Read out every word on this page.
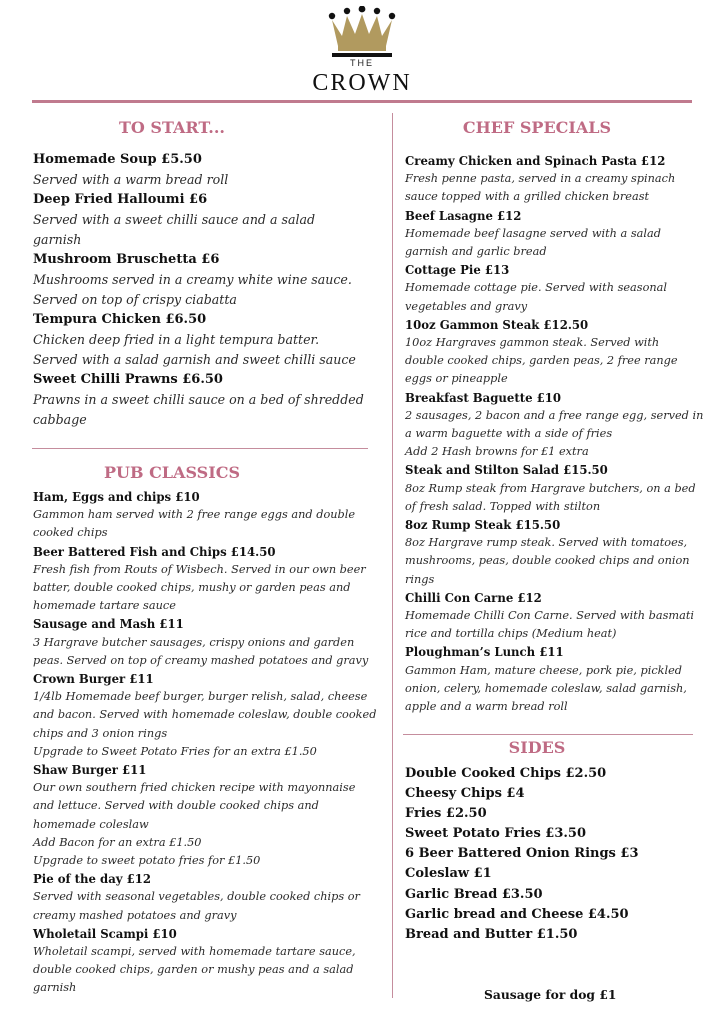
THE
CROWN
TO START...
Homemade Soup £5.50
Served with a warm bread roll
Deep Fried Halloumi £6
Served with a sweet chilli sauce and a salad
garnish
Mushroom Bruschetta £6
Mushrooms served in a creamy white wine sauce.
Served on top of crispy ciabatta
Tempura Chicken £6.50
Chicken deep fried in a light tempura batter.
Served with a salad garnish and sweet chilli sauce
Sweet Chilli Prawns £6.50
Prawns in a sweet chilli sauce on a bed of shredded
cabbage
PUB CLASSICS
Ham, Eggs and chips £10
Gammon ham served with 2 free range eggs and double
cooked chips
Beer Battered Fish and Chips £14.50
Fresh fish from Routs of Wisbech. Served in our own beer
batter, double cooked chips, mushy or garden peas and
homemade tartare sauce
Sausage and Mash £11
3 Hargrave butcher sausages, crispy onions and garden
peas. Served on top of creamy mashed potatoes and gravy
Crown Burger £11
1/4lb Homemade beef burger, burger relish, salad, cheese
and bacon. Served with homemade coleslaw, double cooked
chips and 3 onion rings
Upgrade to Sweet Potato Fries for an extra £1.50
Shaw Burger £11
Our own southern fried chicken recipe with mayonnaise
and lettuce. Served with double cooked chips and
homemade coleslaw
Add Bacon for an extra £1.50
Upgrade to sweet potato fries for £1.50
Pie of the day £12
Served with seasonal vegetables, double cooked chips or
creamy mashed potatoes and gravy
Wholetail Scampi £10
Wholetail scampi, served with homemade tartare sauce,
double cooked chips, garden or mushy peas and a salad
garnish
CHEF SPECIALS
Creamy Chicken and Spinach Pasta £12
Fresh penne pasta, served in a creamy spinach
sauce topped with a grilled chicken breast
Beef Lasagne £12
Homemade beef lasagne served with a salad
garnish and garlic bread
Cottage Pie £13
Homemade cottage pie. Served with seasonal
vegetables and gravy
10oz Gammon Steak £12.50
10oz Hargraves gammon steak. Served with
double cooked chips, garden peas, 2 free range
eggs or pineapple
Breakfast Baguette £10
2 sausages, 2 bacon and a free range egg, served in
a warm baguette with a side of fries
Add 2 Hash browns for £1 extra
Steak and Stilton Salad £15.50
8oz Rump steak from Hargrave butchers, on a bed
of fresh salad. Topped with stilton
8oz Rump Steak £15.50
8oz Hargrave rump steak. Served with tomatoes,
mushrooms, peas, double cooked chips and onion
rings
Chilli Con Carne £12
Homemade Chilli Con Carne. Served with basmati
rice and tortilla chips (Medium heat)
Ploughman’s Lunch £11
Gammon Ham, mature cheese, pork pie, pickled
onion, celery, homemade coleslaw, salad garnish,
apple and a warm bread roll
SIDES
Double Cooked Chips £2.50
Cheesy Chips £4
Fries £2.50
Sweet Potato Fries £3.50
6 Beer Battered Onion Rings £3
Coleslaw £1
Garlic Bread £3.50
Garlic bread and Cheese £4.50
Bread and Butter £1.50
Sausage for dog £1
